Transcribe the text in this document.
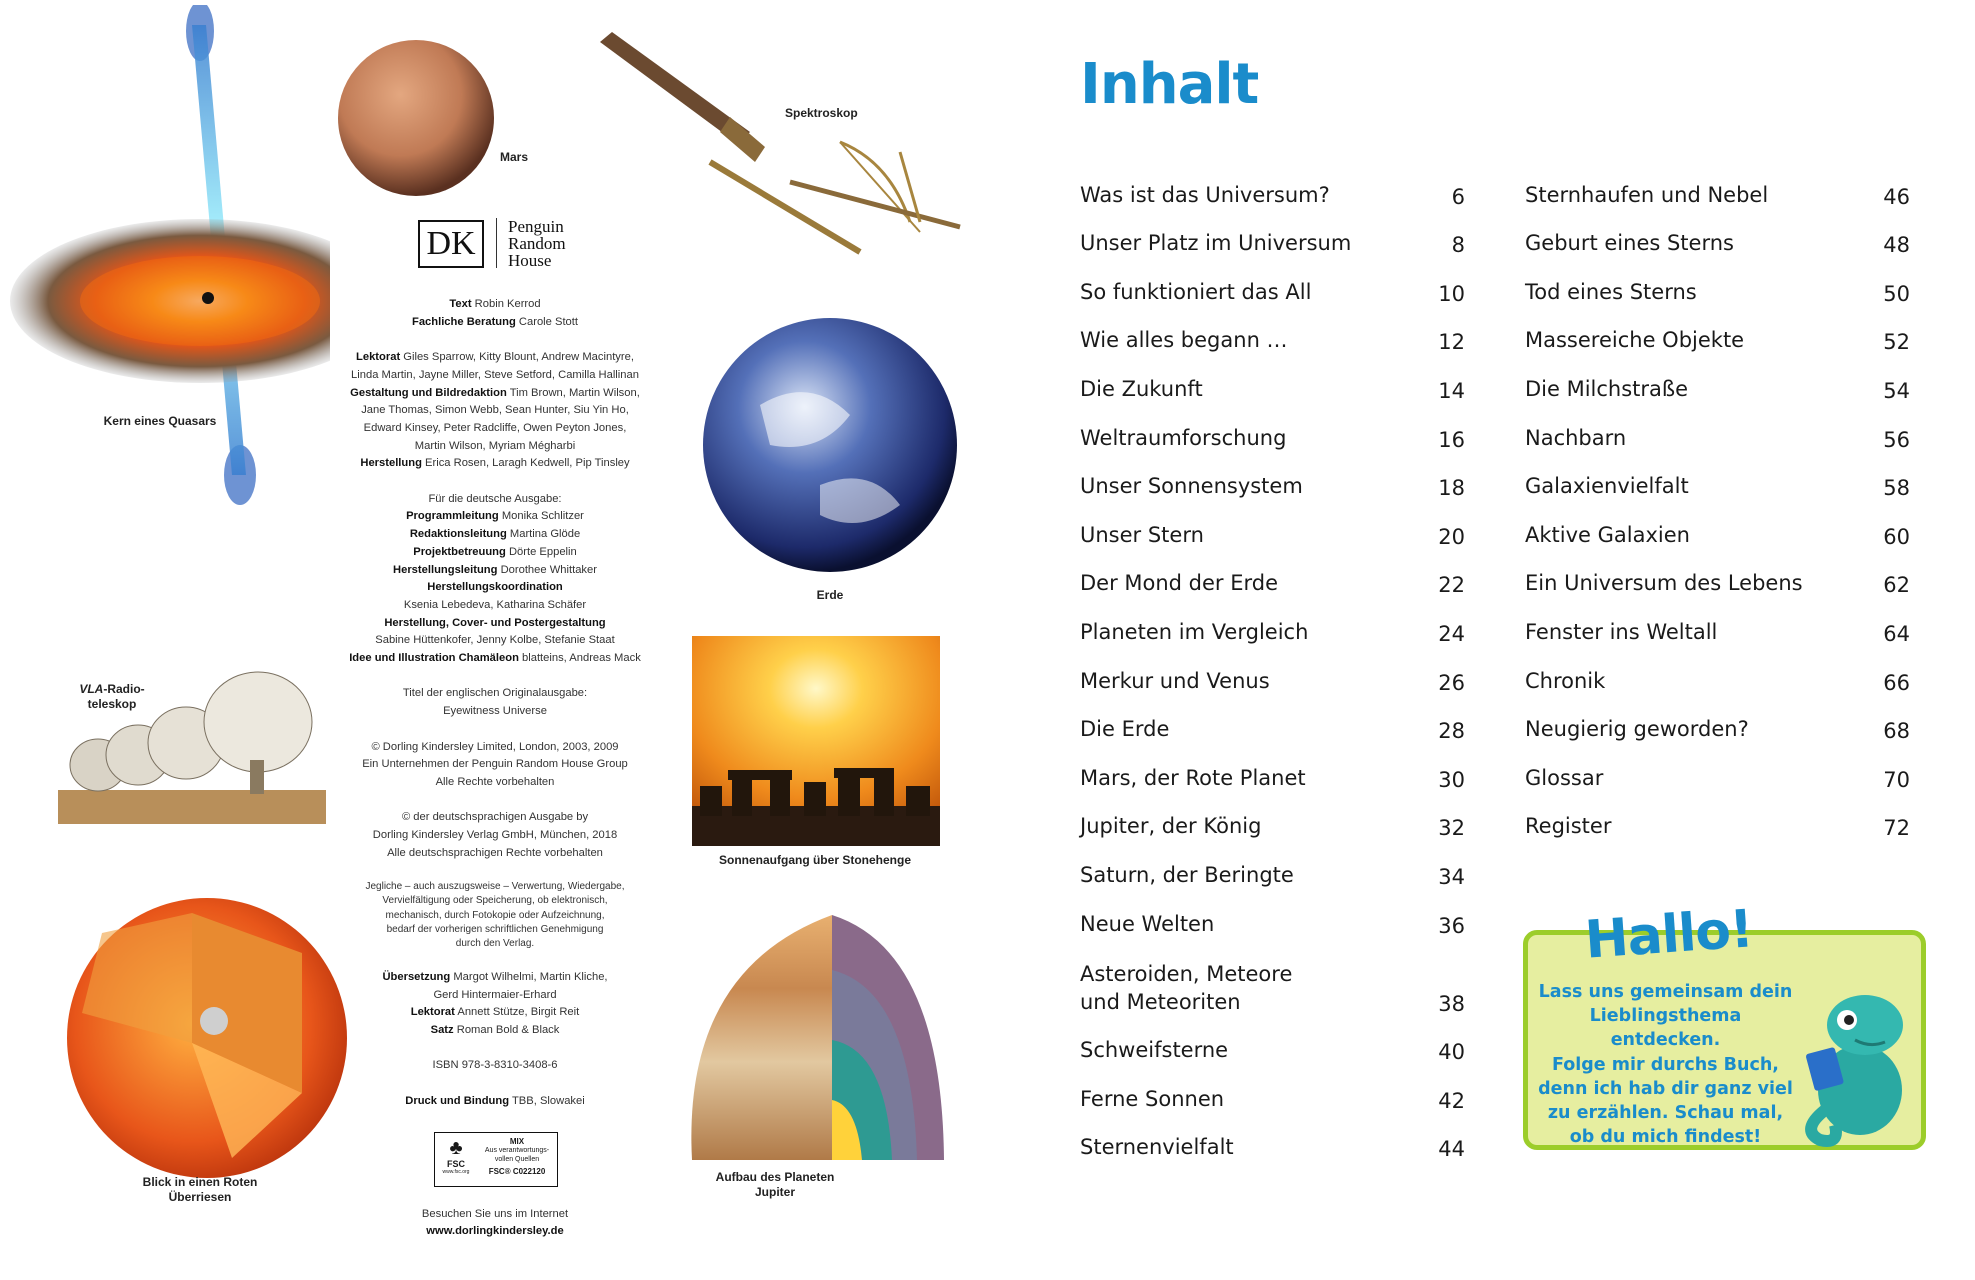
Kern eines Quasars
Mars
Spektroskop
DK	Penguin
Random
House

Text Robin Kerrod

Fachliche Beratung Carole Stott

Lektorat Giles Sparrow, Kitty Blount, Andrew Macintyre,

Linda Martin, Jayne Miller, Steve Setford, Camilla Hallinan

Gestaltung und Bildredaktion Tim Brown, Martin Wilson,

Jane Thomas, Simon Webb, Sean Hunter, Siu Yin Ho,

Edward Kinsey, Peter Radcliffe, Owen Peyton Jones,

Martin Wilson, Myriam Mégharbi

Herstellung Erica Rosen, Laragh Kedwell, Pip Tinsley

Für die deutsche Ausgabe:

Programmleitung Monika Schlitzer

Redaktionsleitung Martina Glöde

Projektbetreuung Dörte Eppelin

Herstellungsleitung Dorothee Whittaker

Herstellungskoordination

Ksenia Lebedeva, Katharina Schäfer

Herstellung, Cover- und Postergestaltung

Sabine Hüttenkofer, Jenny Kolbe, Stefanie Staat

Idee und Illustration Chamäleon blatteins, Andreas Mack

Titel der englischen Originalausgabe:

Eyewitness Universe

© Dorling Kindersley Limited, London, 2003, 2009

Ein Unternehmen der Penguin Random House Group

Alle Rechte vorbehalten

© der deutschsprachigen Ausgabe by

Dorling Kindersley Verlag GmbH, München, 2018

Alle deutschsprachigen Rechte vorbehalten

Jegliche – auch auszugsweise – Verwertung, Wiedergabe,

Vervielfältigung oder Speicherung, ob elektronisch,

mechanisch, durch Fotokopie oder Aufzeichnung,

bedarf der vorherigen schriftlichen Genehmigung

durch den Verlag.

Übersetzung Margot Wilhelmi, Martin Kliche,

Gerd Hintermaier-Erhard

Lektorat Annett Stütze, Birgit Reit

Satz Roman Bold & Black

ISBN 978-3-8310-3408-6

Druck und Bindung TBB, Slowakei

♣
FSC
www.fsc.org
MIX
Aus verantwortungs-
vollen Quellen
FSC® C022120
Besuchen Sie uns im Internet
www.dorlingkindersley.de
Erde

VLA-Radio-
teleskop

Sonnenaufgang über Stonehenge
Blick in einen Roten
Überriesen
Aufbau des Planeten
Jupiter
Inhalt
Was ist das Universum?	6
Unser Platz im Universum	8
So funktioniert das All	10
Wie alles begann …	12
Die Zukunft	14
Weltraumforschung	16
Unser Sonnensystem	18
Unser Stern	20
Der Mond der Erde	22
Planeten im Vergleich	24
Merkur und Venus	26
Die Erde	28
Mars, der Rote Planet	30
Jupiter, der König	32
Saturn, der Beringte	34
Neue Welten	36
Asteroiden, Meteore
und Meteoriten	38
Schweifsterne	40
Ferne Sonnen	42
Sternenvielfalt	44
Sternhaufen und Nebel	46
Geburt eines Sterns	48
Tod eines Sterns	50
Massereiche Objekte	52
Die Milchstraße	54
Nachbarn	56
Galaxienvielfalt	58
Aktive Galaxien	60
Ein Universum des Lebens	62
Fenster ins Weltall	64
Chronik	66
Neugierig geworden?	68
Glossar	70
Register	72
Hallo!
Lass uns gemeinsam dein
Lieblingsthema entdecken.
Folge mir durchs Buch,
denn ich hab dir ganz viel
zu erzählen. Schau mal,
ob du mich findest!
